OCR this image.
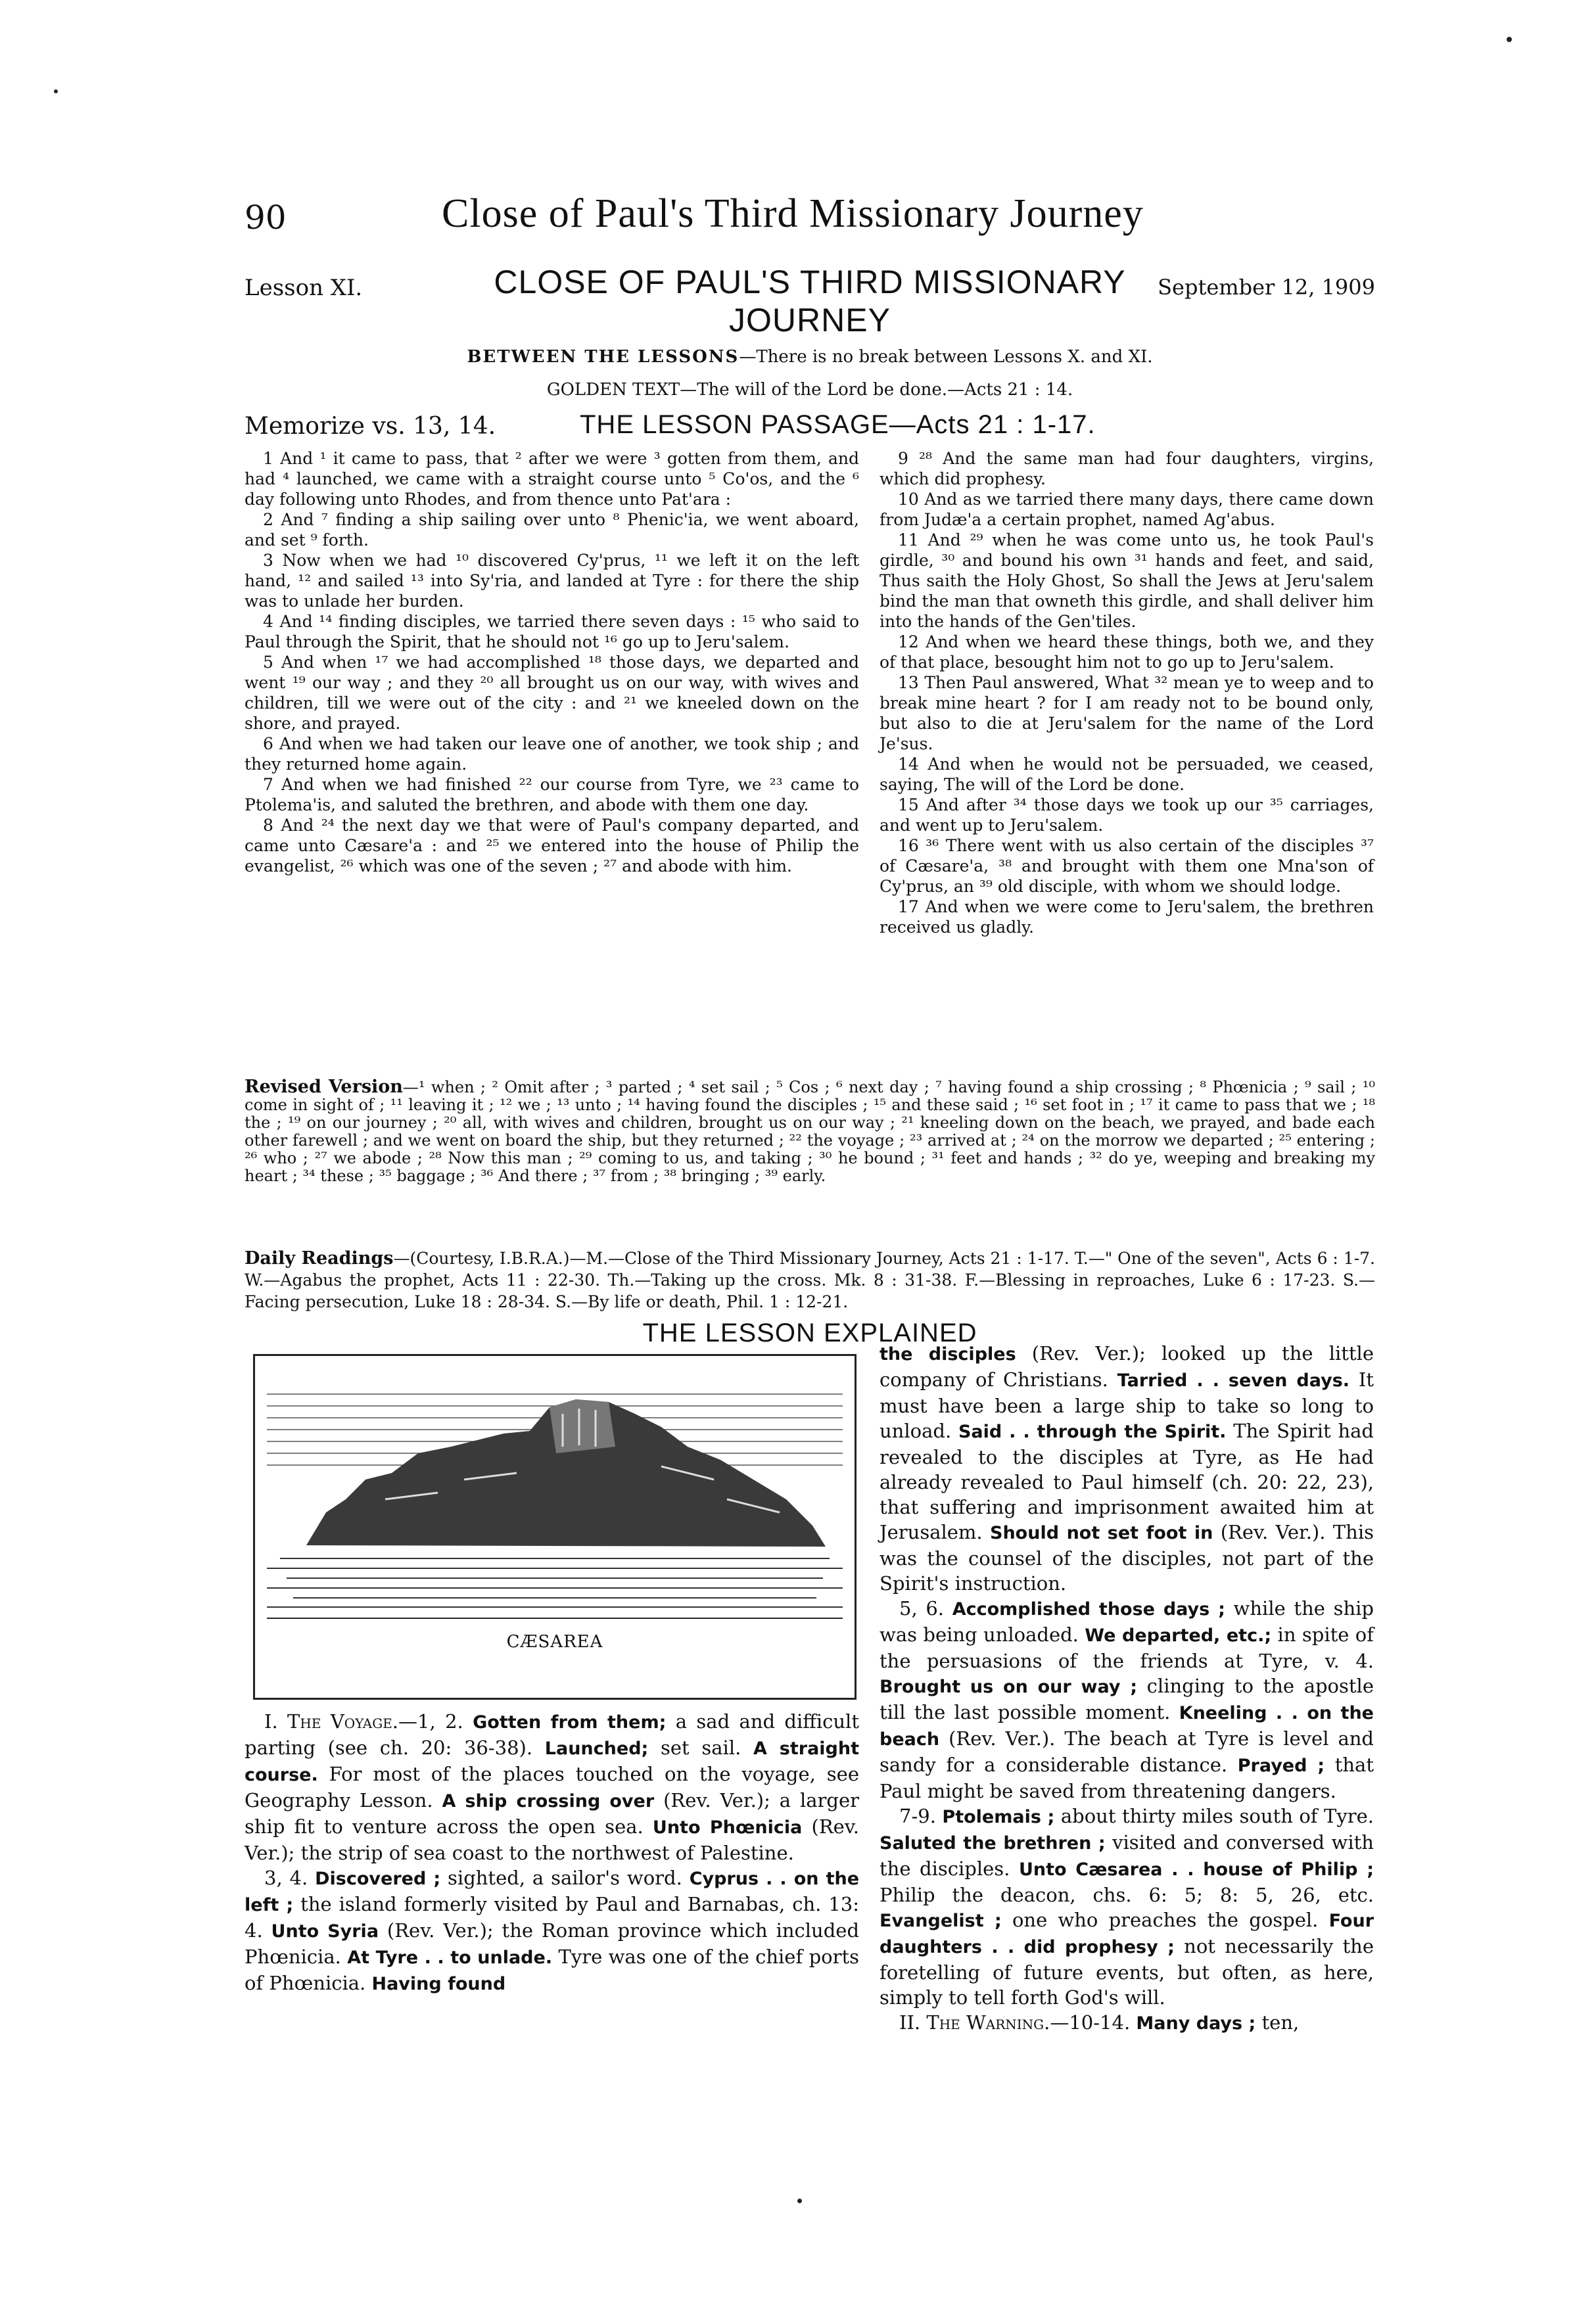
90	Close of Paul's Third Missionary Journey
Lesson XI.	CLOSE OF PAUL'S THIRD MISSIONARY JOURNEY
September 12, 1909
BETWEEN THE LESSONS—There is no break between Lessons X. and XI.
GOLDEN TEXT—The will of the Lord be done.—Acts 21 : 14.
Memorize vs. 13, 14.	THE LESSON PASSAGE—Acts 21 : 1-17.

1 And ¹ it came to pass, that ² after we were ³ gotten from them, and had ⁴ launched, we came with a straight course unto ⁵ Co'os, and the ⁶ day following unto Rhodes, and from thence unto Pat'ara :

2 And ⁷ finding a ship sailing over unto ⁸ Phenic'ia, we went aboard, and set ⁹ forth.

3 Now when we had ¹⁰ discovered Cy'prus, ¹¹ we left it on the left hand, ¹² and sailed ¹³ into Sy'ria, and landed at Tyre : for there the ship was to unlade her burden.

4 And ¹⁴ finding disciples, we tarried there seven days : ¹⁵ who said to Paul through the Spirit, that he should not ¹⁶ go up to Jeru'salem.

5 And when ¹⁷ we had accomplished ¹⁸ those days, we departed and went ¹⁹ our way ; and they ²⁰ all brought us on our way, with wives and children, till we were out of the city : and ²¹ we kneeled down on the shore, and prayed.

6 And when we had taken our leave one of another, we took ship ; and they returned home again.

7 And when we had finished ²² our course from Tyre, we ²³ came to Ptolema'is, and saluted the brethren, and abode with them one day.

8 And ²⁴ the next day we that were of Paul's company departed, and came unto Cæsare'a : and ²⁵ we entered into the house of Philip the evangelist, ²⁶ which was one of the seven ; ²⁷ and abode with him.

9 ²⁸ And the same man had four daughters, virgins, which did prophesy.

10 And as we tarried there many days, there came down from Judæ'a a certain prophet, named Ag'abus.

11 And ²⁹ when he was come unto us, he took Paul's girdle, ³⁰ and bound his own ³¹ hands and feet, and said, Thus saith the Holy Ghost, So shall the Jews at Jeru'salem bind the man that owneth this girdle, and shall deliver him into the hands of the Gen'tiles.

12 And when we heard these things, both we, and they of that place, besought him not to go up to Jeru'salem.

13 Then Paul answered, What ³² mean ye to weep and to break mine heart ? for I am ready not to be bound only, but also to die at Jeru'salem for the name of the Lord Je'sus.

14 And when he would not be persuaded, we ceased, saying, The will of the Lord be done.

15 And after ³⁴ those days we took up our ³⁵ carriages, and went up to Jeru'salem.

16 ³⁶ There went with us also certain of the disciples ³⁷ of Cæsare'a, ³⁸ and brought with them one Mna'son of Cy'prus, an ³⁹ old disciple, with whom we should lodge.

17 And when we were come to Jeru'salem, the brethren received us gladly.

Revised Version—¹ when ; ² Omit after ; ³ parted ; ⁴ set sail ; ⁵ Cos ; ⁶ next day ; ⁷ having found a ship crossing ; ⁸ Phœnicia ; ⁹ sail ; ¹⁰ come in sight of ; ¹¹ leaving it ; ¹² we ; ¹³ unto ; ¹⁴ having found the disciples ; ¹⁵ and these said ; ¹⁶ set foot in ; ¹⁷ it came to pass that we ; ¹⁸ the ; ¹⁹ on our journey ; ²⁰ all, with wives and children, brought us on our way ; ²¹ kneeling down on the beach, we prayed, and bade each other farewell ; and we went on board the ship, but they returned ; ²² the voyage ; ²³ arrived at ; ²⁴ on the morrow we departed ; ²⁵ entering ; ²⁶ who ; ²⁷ we abode ; ²⁸ Now this man ; ²⁹ coming to us, and taking ; ³⁰ he bound ; ³¹ feet and hands ; ³² do ye, weeping and breaking my heart ; ³⁴ these ; ³⁵ baggage ; ³⁶ And there ; ³⁷ from ; ³⁸ bringing ; ³⁹ early.
Daily Readings—(Courtesy, I.B.R.A.)—M.—Close of the Third Missionary Journey, Acts 21 : 1-17. T.—" One of the seven", Acts 6 : 1-7. W.—Agabus the prophet, Acts 11 : 22-30. Th.—Taking up the cross. Mk. 8 : 31-38. F.—Blessing in reproaches, Luke 6 : 17-23. S.—Facing persecution, Luke 18 : 28-34. S.—By life or death, Phil. 1 : 12-21.
THE LESSON EXPLAINED
CÆSAREA

I. The Voyage.—1, 2. Gotten from them; a sad and difficult parting (see ch. 20: 36-38). Launched; set sail. A straight course. For most of the places touched on the voyage, see Geography Lesson. A ship crossing over (Rev. Ver.); a larger ship fit to venture across the open sea. Unto Phœnicia (Rev. Ver.); the strip of sea coast to the northwest of Palestine.

3, 4. Discovered ; sighted, a sailor's word. Cyprus . . on the left ; the island formerly visited by Paul and Barnabas, ch. 13: 4. Unto Syria (Rev. Ver.); the Roman province which included Phœnicia. At Tyre . . to unlade. Tyre was one of the chief ports of Phœnicia. Having found

the disciples (Rev. Ver.); looked up the little company of Christians. Tarried . . seven days. It must have been a large ship to take so long to unload. Said . . through the Spirit. The Spirit had revealed to the disciples at Tyre, as He had already revealed to Paul himself (ch. 20: 22, 23), that suffering and imprisonment awaited him at Jerusalem. Should not set foot in (Rev. Ver.). This was the counsel of the disciples, not part of the Spirit's instruction.

5, 6. Accomplished those days ; while the ship was being unloaded. We departed, etc.; in spite of the persuasions of the friends at Tyre, v. 4. Brought us on our way ; clinging to the apostle till the last possible moment. Kneeling . . on the beach (Rev. Ver.). The beach at Tyre is level and sandy for a considerable distance. Prayed ; that Paul might be saved from threatening dangers.

7-9. Ptolemais ; about thirty miles south of Tyre. Saluted the brethren ; visited and conversed with the disciples. Unto Cæsarea . . house of Philip ; Philip the deacon, chs. 6: 5; 8: 5, 26, etc. Evangelist ; one who preaches the gospel. Four daughters . . did prophesy ; not necessarily the foretelling of future events, but often, as here, simply to tell forth God's will.

II. The Warning.—10-14. Many days ; ten,
